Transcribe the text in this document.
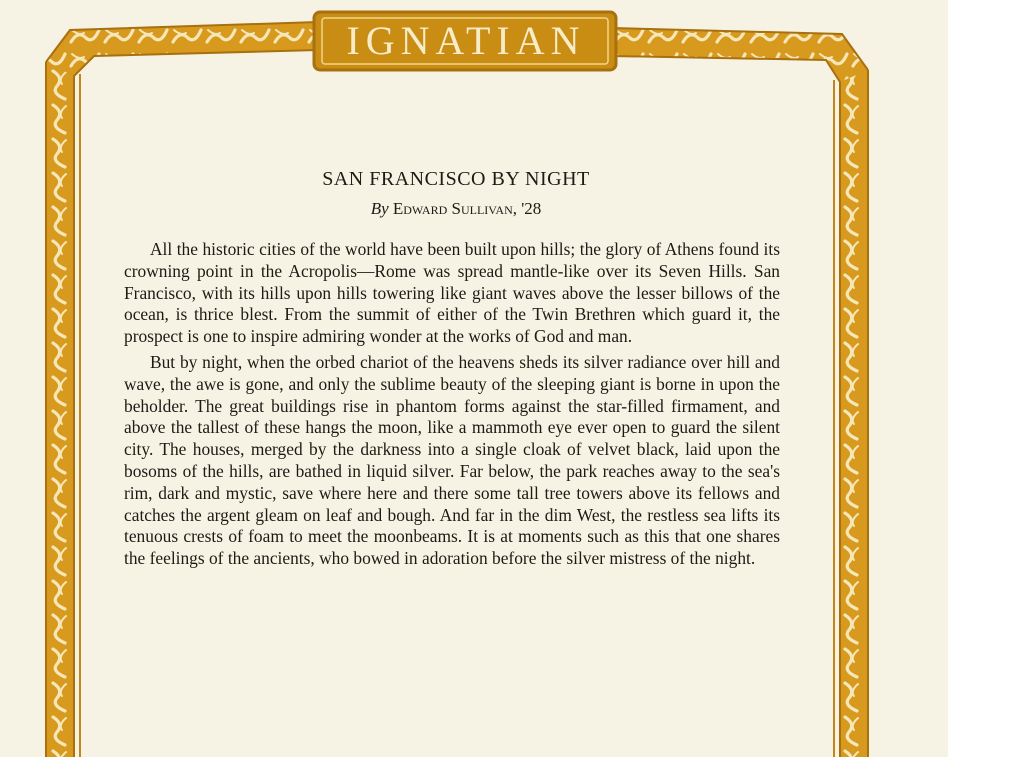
IGNATIAN
SAN FRANCISCO BY NIGHT
By Edward Sullivan, '28

All the historic cities of the world have been built upon hills; the glory of Athens found its crowning point in the Acropolis—Rome was spread mantle-like over its Seven Hills. San Francisco, with its hills upon hills towering like giant waves above the lesser billows of the ocean, is thrice blest. From the summit of either of the Twin Brethren which guard it, the prospect is one to inspire admiring wonder at the works of God and man.

But by night, when the orbed chariot of the heavens sheds its silver radiance over hill and wave, the awe is gone, and only the sublime beauty of the sleeping giant is borne in upon the beholder. The great buildings rise in phantom forms against the star-filled firmament, and above the tallest of these hangs the moon, like a mammoth eye ever open to guard the silent city. The houses, merged by the darkness into a single cloak of velvet black, laid upon the bosoms of the hills, are bathed in liquid silver. Far below, the park reaches away to the sea's rim, dark and mystic, save where here and there some tall tree towers above its fellows and catches the argent gleam on leaf and bough. And far in the dim West, the restless sea lifts its tenuous crests of foam to meet the moonbeams. It is at moments such as this that one shares the feelings of the ancients, who bowed in adoration before the silver mistress of the night.
